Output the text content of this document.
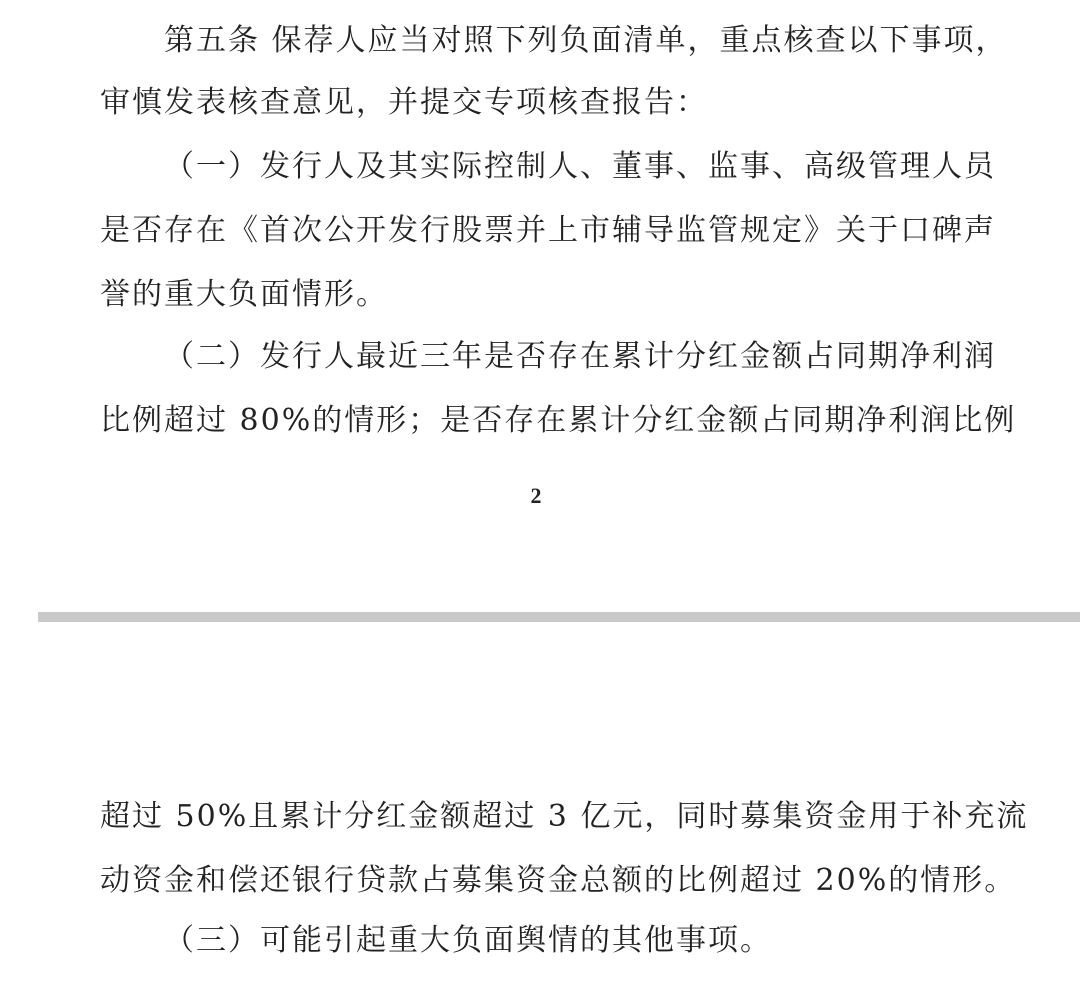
第五条 保荐人应当对照下列负面清单，重点核查以下事项，
审慎发表核查意见，并提交专项核查报告：
（一）发行人及其实际控制人、董事、监事、高级管理人员
是否存在《首次公开发行股票并上市辅导监管规定》关于口碑声
誉的重大负面情形。
（二）发行人最近三年是否存在累计分红金额占同期净利润
比例超过 80%的情形；是否存在累计分红金额占同期净利润比例
2
超过 50%且累计分红金额超过 3 亿元，同时募集资金用于补充流
动资金和偿还银行贷款占募集资金总额的比例超过 20%的情形。
（三）可能引起重大负面舆情的其他事项。
